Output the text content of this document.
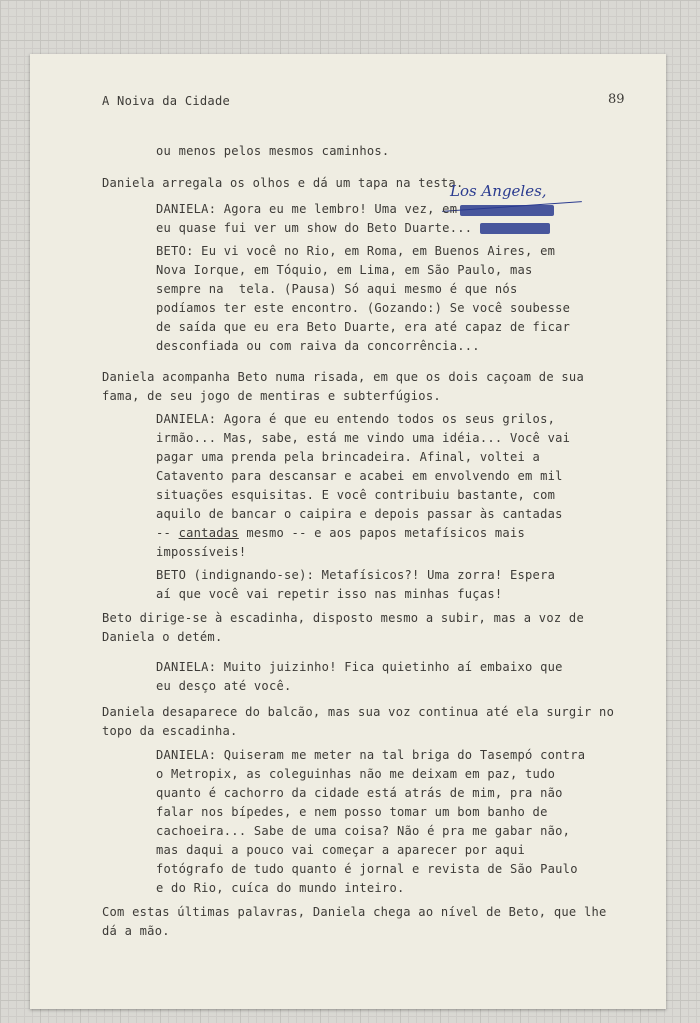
A Noiva da Cidade	89

ou menos pelos mesmos caminhos.

Daniela arregala os olhos e dá um tapa na testa.

Los Angeles,

DANIELA: Agora eu me lembro! Uma vez, em

eu quase fui ver um show do Beto Duarte...

BETO: Eu vi você no Rio, em Roma, em Buenos Aires, em

Nova Iorque, em Tóquio, em Lima, em São Paulo, mas

sempre na  tela. (Pausa) Só aqui mesmo é que nós

podíamos ter este encontro. (Gozando:) Se você soubesse

de saída que eu era Beto Duarte, era até capaz de ficar

desconfiada ou com raiva da concorrência...

Daniela acompanha Beto numa risada, em que os dois caçoam de sua

fama, de seu jogo de mentiras e subterfúgios.

DANIELA: Agora é que eu entendo todos os seus grilos,

irmão... Mas, sabe, está me vindo uma idéia... Você vai

pagar uma prenda pela brincadeira. Afinal, voltei a

Catavento para descansar e acabei em envolvendo em mil

situações esquisitas. E você contribuiu bastante, com

aquilo de bancar o caipira e depois passar às cantadas

-- cantadas mesmo -- e aos papos metafísicos mais

impossíveis!

BETO (indignando-se): Metafísicos?! Uma zorra! Espera

aí que você vai repetir isso nas minhas fuças!

Beto dirige-se à escadinha, disposto mesmo a subir, mas a voz de

Daniela o detém.

DANIELA: Muito juizinho! Fica quietinho aí embaixo que

eu desço até você.

Daniela desaparece do balcão, mas sua voz continua até ela surgir no

topo da escadinha.

DANIELA: Quiseram me meter na tal briga do Tasempó contra

o Metropix, as coleguinhas não me deixam em paz, tudo

quanto é cachorro da cidade está atrás de mim, pra não

falar nos bípedes, e nem posso tomar um bom banho de

cachoeira... Sabe de uma coisa? Não é pra me gabar não,

mas daqui a pouco vai começar a aparecer por aqui

fotógrafo de tudo quanto é jornal e revista de São Paulo

e do Rio, cuíca do mundo inteiro.

Com estas últimas palavras, Daniela chega ao nível de Beto, que lhe

dá a mão.
